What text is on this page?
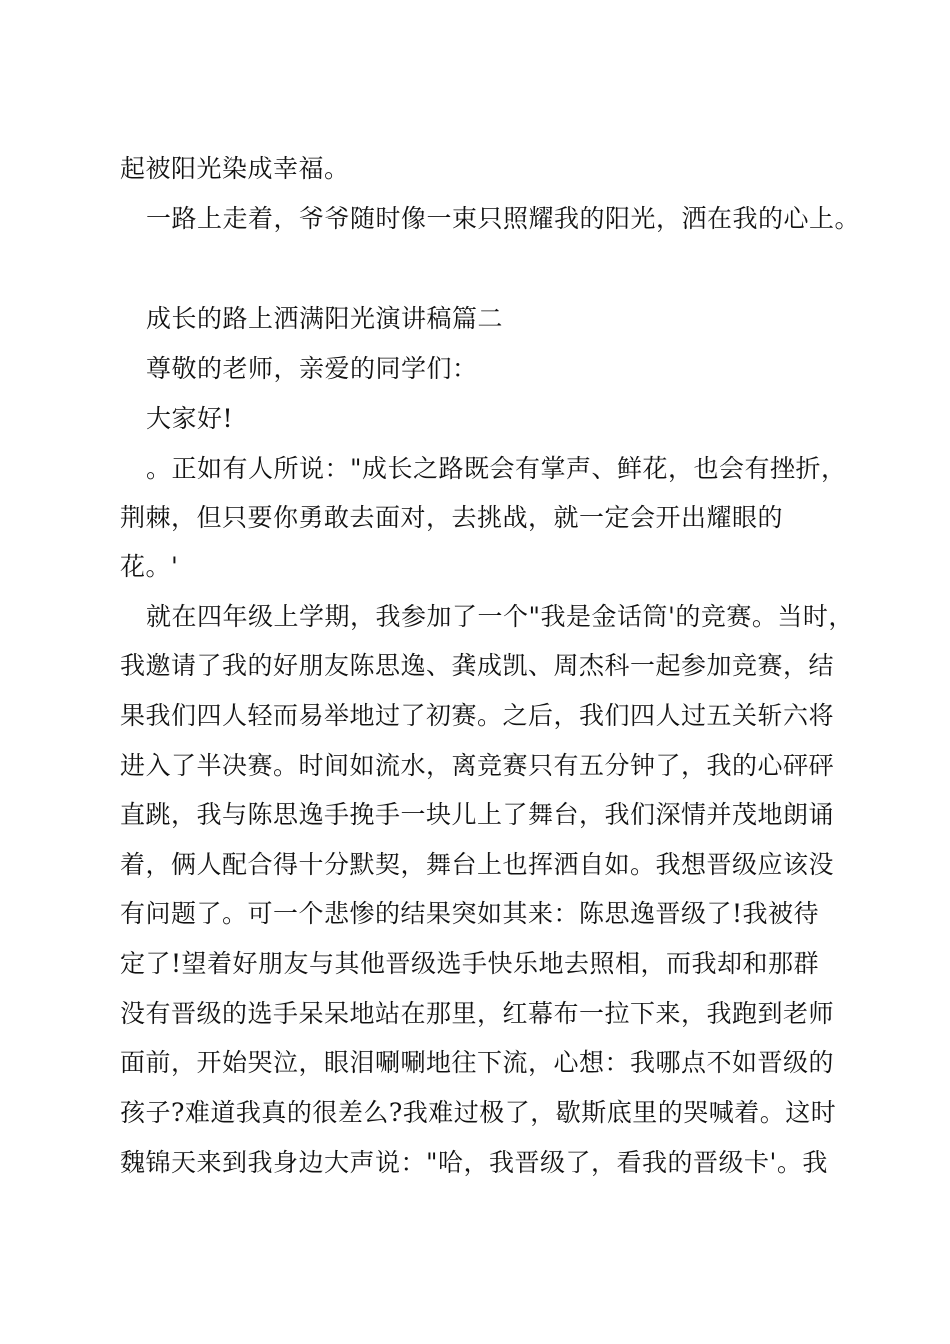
起被阳光染成幸福。
一路上走着，爷爷随时像一束只照耀我的阳光，洒在我的心上。
成长的路上洒满阳光演讲稿篇二
尊敬的老师，亲爱的同学们：
大家好!
。正如有人所说："成长之路既会有掌声、鲜花，也会有挫折，
荆棘，但只要你勇敢去面对，去挑战，就一定会开出耀眼的
花。'
就在四年级上学期，我参加了一个"我是金话筒'的竞赛。当时，
我邀请了我的好朋友陈思逸、龚成凯、周杰科一起参加竞赛，结
果我们四人轻而易举地过了初赛。之后，我们四人过五关斩六将
进入了半决赛。时间如流水，离竞赛只有五分钟了，我的心砰砰
直跳，我与陈思逸手挽手一块儿上了舞台，我们深情并茂地朗诵
着，俩人配合得十分默契，舞台上也挥洒自如。我想晋级应该没
有问题了。可一个悲惨的结果突如其来：陈思逸晋级了!我被待
定了!望着好朋友与其他晋级选手快乐地去照相，而我却和那群
没有晋级的选手呆呆地站在那里，红幕布一拉下来，我跑到老师
面前，开始哭泣，眼泪唰唰地往下流，心想：我哪点不如晋级的
孩子?难道我真的很差么?我难过极了，歇斯底里的哭喊着。这时
魏锦天来到我身边大声说："哈，我晋级了，看我的晋级卡'。我
